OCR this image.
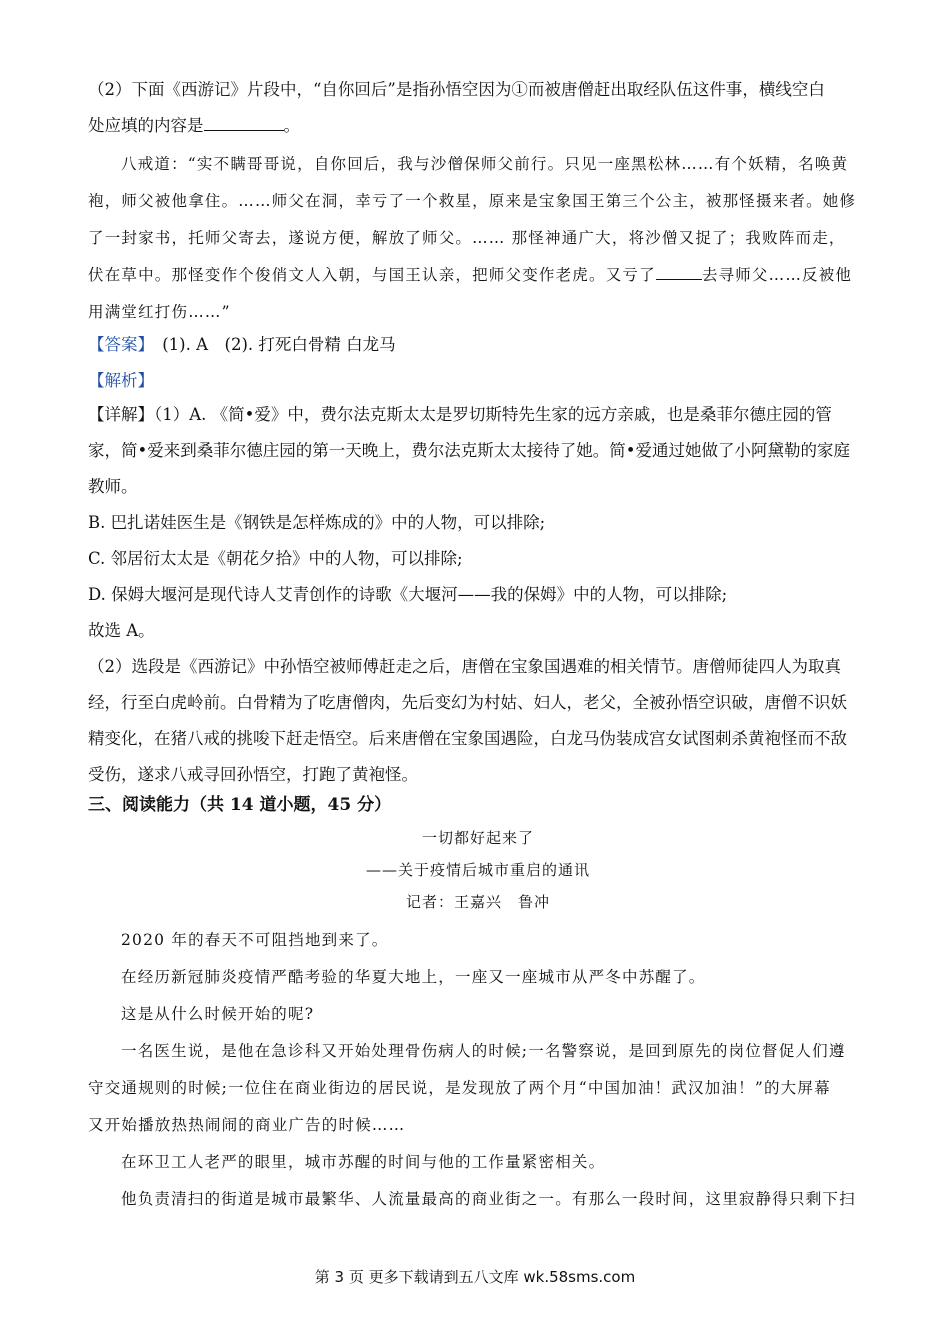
（2）下面《西游记》片段中，“自你回后”是指孙悟空因为①而被唐僧赶出取经队伍这件事，横线空白

处应填的内容是	。

八戒道：“实不瞒哥哥说，自你回后，我与沙僧保师父前行。只见一座黑松林……有个妖精，名唤黄

袍，师父被他拿住。……师父在洞，幸亏了一个救星，原来是宝象国王第三个公主，被那怪摄来者。她修

了一封家书，托师父寄去，遂说方便，解放了师父。…… 那怪神通广大，将沙僧又捉了；我败阵而走，

伏在草中。那怪变作个俊俏文人入朝，与国王认亲，把师父变作老虎。又亏了	去寻师父……反被他

用满堂红打伤……”

【答案】　 (1). A　(2). 打死白骨精 白龙马

【解析】

【详解】（1）A. 《简•爱》中，费尔法克斯太太是罗切斯特先生家的远方亲戚，也是桑菲尔德庄园的管

家，简•爱来到桑菲尔德庄园的第一天晚上，费尔法克斯太太接待了她。简•爱通过她做了小阿黛勒的家庭

教师。

B. 巴扎诺娃医生是《钢铁是怎样炼成的》中的人物，可以排除;

C. 邻居衍太太是《朝花夕拾》中的人物，可以排除;

D. 保姆大堰河是现代诗人艾青创作的诗歌《大堰河——我的保姆》中的人物，可以排除;

故选 A。

（2）选段是《西游记》中孙悟空被师傅赶走之后，唐僧在宝象国遇难的相关情节。唐僧师徒四人为取真

经，行至白虎岭前。白骨精为了吃唐僧肉，先后变幻为村姑、妇人，老父，全被孙悟空识破，唐僧不识妖

精变化，在猪八戒的挑唆下赶走悟空。后来唐僧在宝象国遇险，白龙马伪装成宫女试图刺杀黄袍怪而不敌

受伤，遂求八戒寻回孙悟空，打跑了黄袍怪。

三、阅读能力（共 14 道小题，45 分）

一切都好起来了

——关于疫情后城市重启的通讯

记者：王嘉兴　鲁冲

2020 年的春天不可阻挡地到来了。

在经历新冠肺炎疫情严酷考验的华夏大地上，一座又一座城市从严冬中苏醒了。

这是从什么时候开始的呢?

一名医生说，是他在急诊科又开始处理骨伤病人的时候;一名警察说，是回到原先的岗位督促人们遵

守交通规则的时候;一位住在商业街边的居民说，是发现放了两个月“中国加油！武汉加油！”的大屏幕

又开始播放热热闹闹的商业广告的时候……

在环卫工人老严的眼里，城市苏醒的时间与他的工作量紧密相关。

他负责清扫的街道是城市最繁华、人流量最高的商业街之一。有那么一段时间，这里寂静得只剩下扫

第 3 页 更多下载请到五八文库 wk.58sms.com
